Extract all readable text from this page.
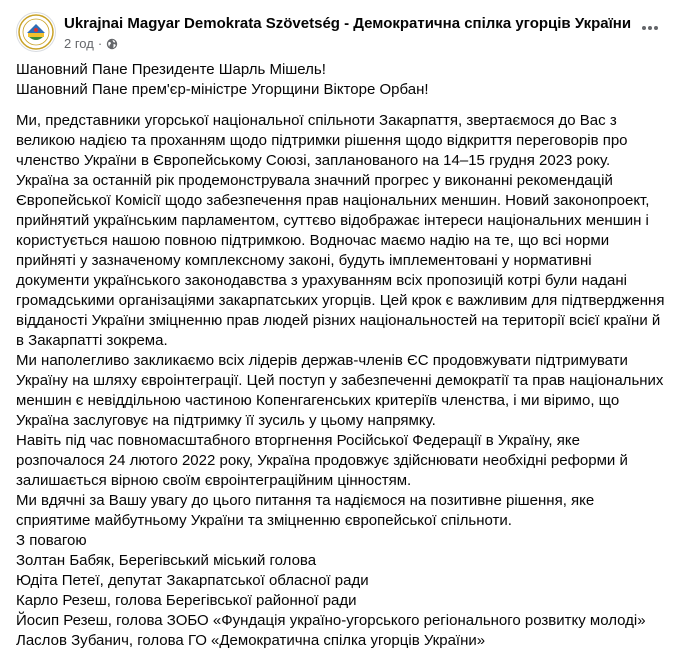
Ukrajnai Magyar Demokrata Szövetség - Демократична спілка угорців України
2 год ·

Шановний Пане Президенте Шарль Мішель!
Шановний Пане прем'єр-міністре Угорщини Вікторе Орбан!

Ми, представники угорської національної спільноти Закарпаття, звертаємося до Вас з великою надією та проханням щодо підтримки рішення щодо відкриття переговорів про членство України в Європейському Союзі, запланованого на 14–15 грудня 2023 року.

Україна за останній рік продемонструвала значний прогрес у виконанні рекомендацій Європейської Комісії щодо забезпечення прав національних меншин. Новий законопроект, прийнятий українським парламентом, суттєво відображає інтереси національних меншин і користується нашою повною підтримкою. Водночас маємо надію на те, що всі норми прийняті у зазначеному комплексному законі, будуть імплементовані у нормативні документи українського законодавства з урахуванням всіх пропозицій котрі були надані громадськими організаціями закарпатських угорців. Цей крок є важливим для підтвердження відданості України зміцненню прав людей різних національностей на території всієї країни й в Закарпатті зокрема.

Ми наполегливо закликаємо всіх лідерів держав-членів ЄС продовжувати підтримувати Україну на шляху євроінтеграції. Цей поступ у забезпеченні демократії та прав національних меншин є невіддільною частиною Копенгагенських критеріїв членства, і ми віримо, що Україна заслуговує на підтримку її зусиль у цьому напрямку.

Навіть під час повномасштабного вторгнення Російської Федерації в Україну, яке розпочалося 24 лютого 2022 року, Україна продовжує здійснювати необхідні реформи й залишається вірною своїм євроінтеграційним цінностям.

Ми вдячні за Вашу увагу до цього питання та надіємося на позитивне рішення, яке сприятиме майбутньому України та зміцненню європейської спільноти.

З повагою

Золтан Бабяк, Берегівський міський голова

Юдіта Петеї, депутат Закарпатської обласної ради

Карло Резеш, голова Берегівської районної ради

Йосип Резеш, голова ЗОБО «Фундація україно-угорського регіонального розвитку молоді»

Ласлов Зубанич, голова ГО «Демократична спілка угорців України»
